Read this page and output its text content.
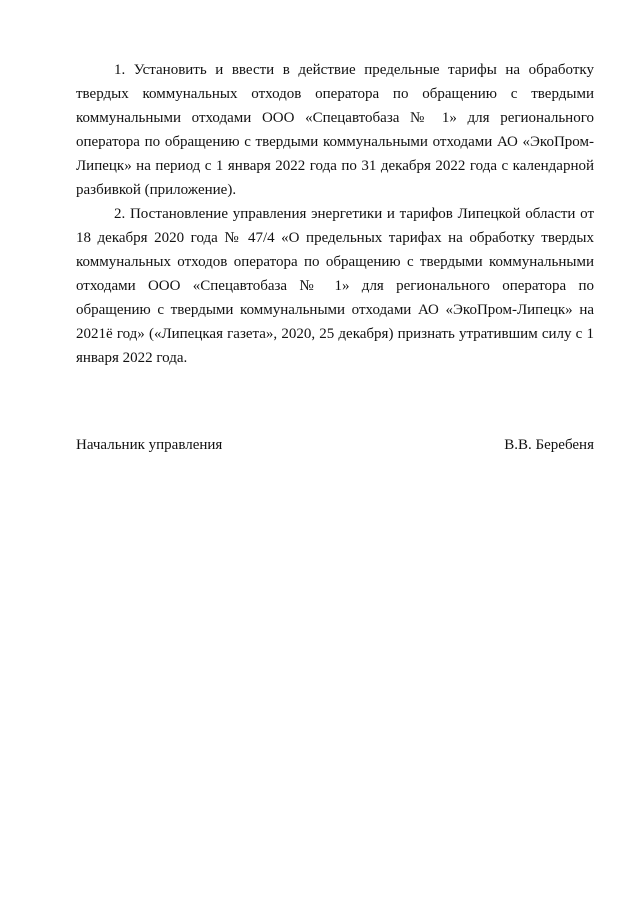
1. Установить и ввести в действие предельные тарифы на обработку твердых коммунальных отходов оператора по обращению с твердыми коммунальными отходами ООО «Спецавтобаза № 1» для регионального оператора по обращению с твердыми коммунальными отходами АО «ЭкоПром-Липецк» на период с 1 января 2022 года по 31 декабря 2022 года с календарной разбивкой (приложение).

2. Постановление управления энергетики и тарифов Липецкой области от 18 декабря 2020 года № 47/4 «О предельных тарифах на обработку твердых коммунальных отходов оператора по обращению с твердыми коммунальными отходами ООО «Спецавтобаза № 1» для регионального оператора по обращению с твердыми коммунальными отходами АО «ЭкоПром-Липецк» на 2021ё год» («Липецкая газета», 2020, 25 декабря) признать утратившим силу с 1 января 2022 года.

Начальник управления	В.В. Беребеня
